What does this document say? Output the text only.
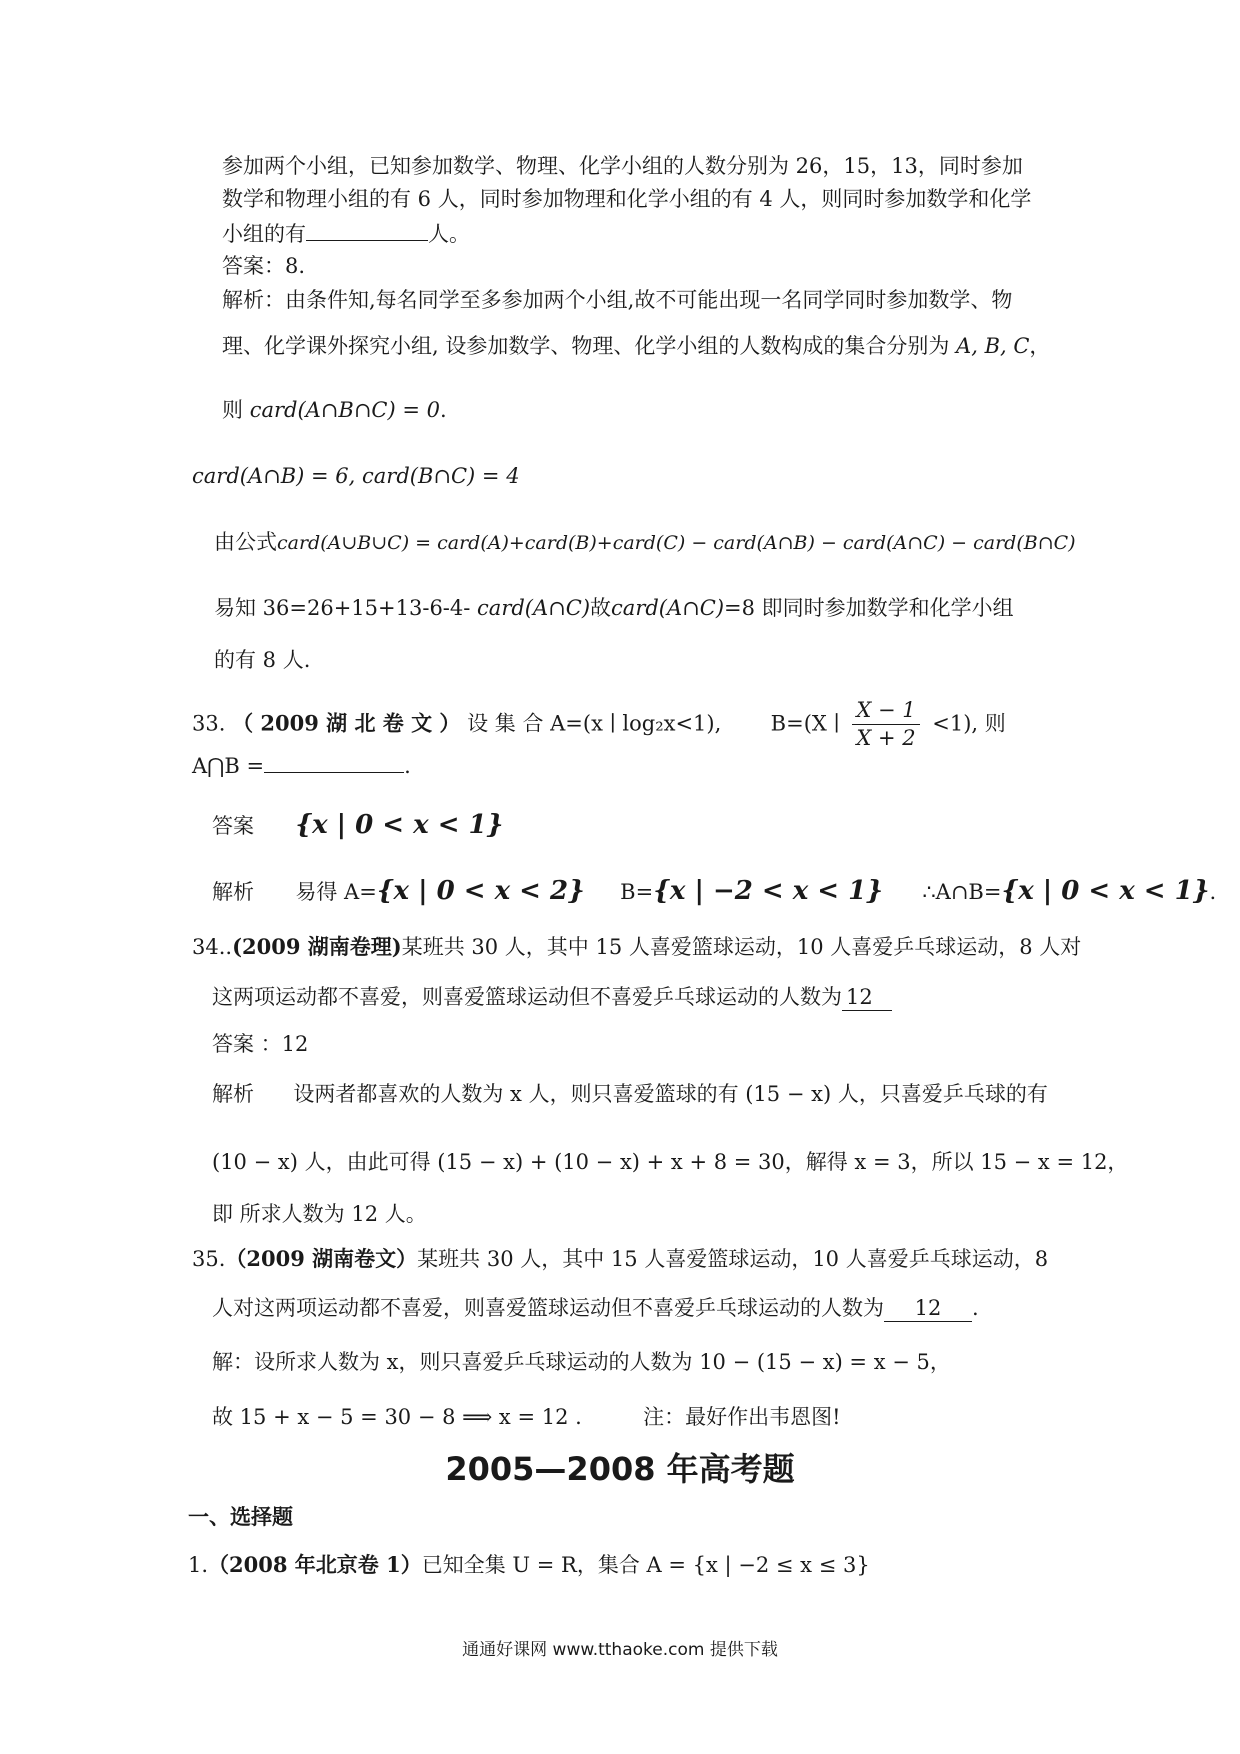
参加两个小组，已知参加数学、物理、化学小组的人数分别为 26，15，13，同时参加
数学和物理小组的有 6 人，同时参加物理和化学小组的有 4 人，则同时参加数学和化学
小组的有	人。
答案：8.
解析：由条件知,每名同学至多参加两个小组,故不可能出现一名同学同时参加数学、物
理、化学课外探究小组, 设参加数学、物理、化学小组的人数构成的集合分别为 A, B, C，
则 card(A∩B∩C) = 0.
card(A∩B) = 6, card(B∩C) = 4
由公式card(A∪B∪C) = card(A)+card(B)+card(C) − card(A∩B) − card(A∩C) − card(B∩C)
易知 36=26+15+13-6-4- card(A∩C)故card(A∩C)=8 即同时参加数学和化学小组
的有 8 人.
33. （ 2009 湖 北 卷 文 ） 设 集 合 A=(x ∣ log₂x<1), B=(X ∣ $\frac{X - 1}{X + 2} <1$), 则
A⋂B =	.
答案 {x | 0 < x < 1}
解析 易得 A={x | 0 < x < 2} B={x | −2 < x < 1} ∴A∩B={x | 0 < x < 1}.
34..(2009 湖南卷理)某班共 30 人，其中 15 人喜爱篮球运动，10 人喜爱乒乓球运动，8 人对
这两项运动都不喜爱，则喜爱篮球运动但不喜爱乒乓球运动的人数为 12
答案 ：12
解析 设两者都喜欢的人数为 x 人，则只喜爱篮球的有 (15 − x) 人，只喜爱乒乓球的有
(10 − x) 人，由此可得 (15 − x) + (10 − x) + x + 8 = 30，解得 x = 3，所以 15 − x = 12，
即 所求人数为 12 人。
35.（2009 湖南卷文）某班共 30 人，其中 15 人喜爱篮球运动，10 人喜爱乒乓球运动，8
人对这两项运动都不喜爱，则喜爱篮球运动但不喜爱乒乓球运动的人数为 12 .
解：设所求人数为 x，则只喜爱乒乓球运动的人数为 10 − (15 − x) = x − 5，
故 15 + x − 5 = 30 − 8 ⟹ x = 12 .	注：最好作出韦恩图!
2005—2008 年高考题
一、选择题
1.（2008 年北京卷 1）已知全集 U = R，集合 A = {x | −2 ≤ x ≤ 3}
通通好课网 www.tthaoke.com 提供下载
